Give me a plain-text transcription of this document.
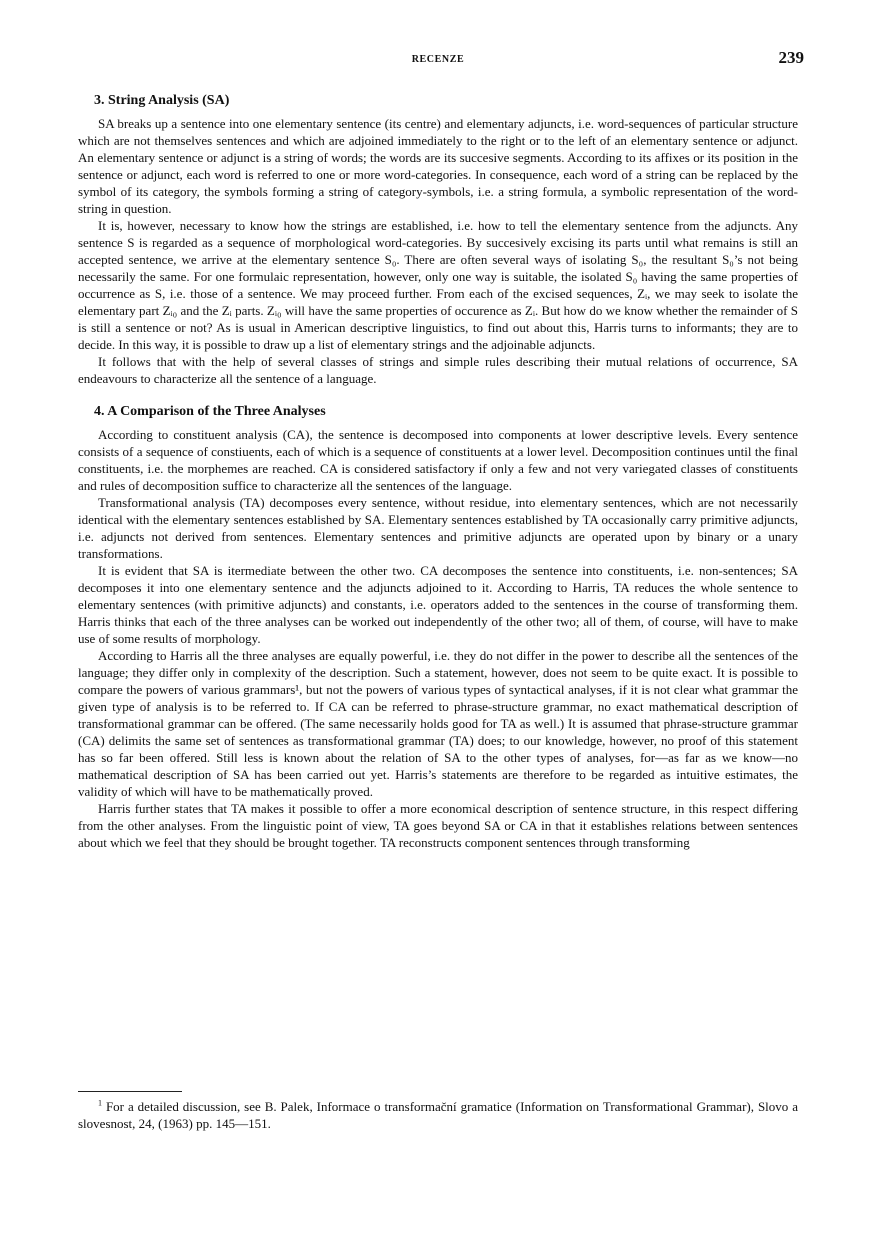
RECENZE	239
3. String Analysis (SA)

SA breaks up a sentence into one elementary sentence (its centre) and elementary adjuncts, i.e. word-sequences of particular structure which are not themselves sentences and which are adjoined immediately to the right or to the left of an elementary sentence or adjunct. An elementary sentence or adjunct is a string of words; the words are its succesive segments. According to its affixes or its position in the sentence or adjunct, each word is referred to one or more word-categories. In consequence, each word of a string can be replaced by the symbol of its category, the symbols forming a string of category-symbols, i.e. a string formula, a symbolic representation of the word-string in question.

It is, however, necessary to know how the strings are established, i.e. how to tell the elementary sentence from the adjuncts. Any sentence S is regarded as a sequence of morphological word-categories. By succesively excising its parts until what remains is still an accepted sentence, we arrive at the elementary sentence S₀. There are often several ways of isolating S₀, the resultant S₀’s not being necessarily the same. For one formulaic representation, however, only one way is suitable, the isolated S₀ having the same properties of occurrence as S, i.e. those of a sentence. We may proceed further. From each of the excised sequences, Zᵢ, we may seek to isolate the elementary part Zᵢ₀ and the Zᵢ parts. Zᵢ₀ will have the same properties of occurence as Zᵢ. But how do we know whether the remainder of S is still a sentence or not? As is usual in American descriptive linguistics, to find out about this, Harris turns to informants; they are to decide. In this way, it is possible to draw up a list of elementary strings and the adjoinable adjuncts.

It follows that with the help of several classes of strings and simple rules describing their mutual relations of occurrence, SA endeavours to characterize all the sentence of a language.

4. A Comparison of the Three Analyses

According to constituent analysis (CA), the sentence is decomposed into components at lower descriptive levels. Every sentence consists of a sequence of constiuents, each of which is a sequence of constituents at a lower level. Decomposition continues until the final constituents, i.e. the morphemes are reached. CA is considered satisfactory if only a few and not very variegated classes of constituents and rules of decomposition suffice to characterize all the sentences of the language.

Transformational analysis (TA) decomposes every sentence, without residue, into elementary sentences, which are not necessarily identical with the elementary sentences established by SA. Elementary sentences established by TA occasionally carry primitive adjuncts, i.e. adjuncts not derived from sentences. Elementary sentences and primitive adjuncts are operated upon by binary or a unary transformations.

It is evident that SA is itermediate between the other two. CA decomposes the sentence into constituents, i.e. non-sentences; SA decomposes it into one elementary sentence and the adjuncts adjoined to it. According to Harris, TA reduces the whole sentence to elementary sentences (with primitive adjuncts) and constants, i.e. operators added to the sentences in the course of transforming them. Harris thinks that each of the three analyses can be worked out independently of the other two; all of them, of course, will have to make use of some results of morphology.

According to Harris all the three analyses are equally powerful, i.e. they do not differ in the power to describe all the sentences of the language; they differ only in complexity of the description. Such a statement, however, does not seem to be quite exact. It is possible to compare the powers of various grammars¹, but not the powers of various types of syntactical analyses, if it is not clear what grammar the given type of analysis is to be referred to. If CA can be referred to phrase-structure grammar, no exact mathematical description of transformational grammar can be offered. (The same necessarily holds good for TA as well.) It is assumed that phrase-structure grammar (CA) delimits the same set of sentences as transformational grammar (TA) does; to our knowledge, however, no proof of this statement has so far been offered. Still less is known about the relation of SA to the other types of analyses, for—as far as we know—no mathematical description of SA has been carried out yet. Harris’s statements are therefore to be regarded as intuitive estimates, the validity of which will have to be mathematically proved.

Harris further states that TA makes it possible to offer a more economical description of sentence structure, in this respect differing from the other analyses. From the linguistic point of view, TA goes beyond SA or CA in that it establishes relations between sentences about which we feel that they should be brought together. TA reconstructs component sentences through transforming

$^1$ For a detailed discussion, see B. Palek, Informace o transformační gramatice (Information on Transformational Grammar), Slovo a slovesnost, 24, (1963) pp. 145—151.
